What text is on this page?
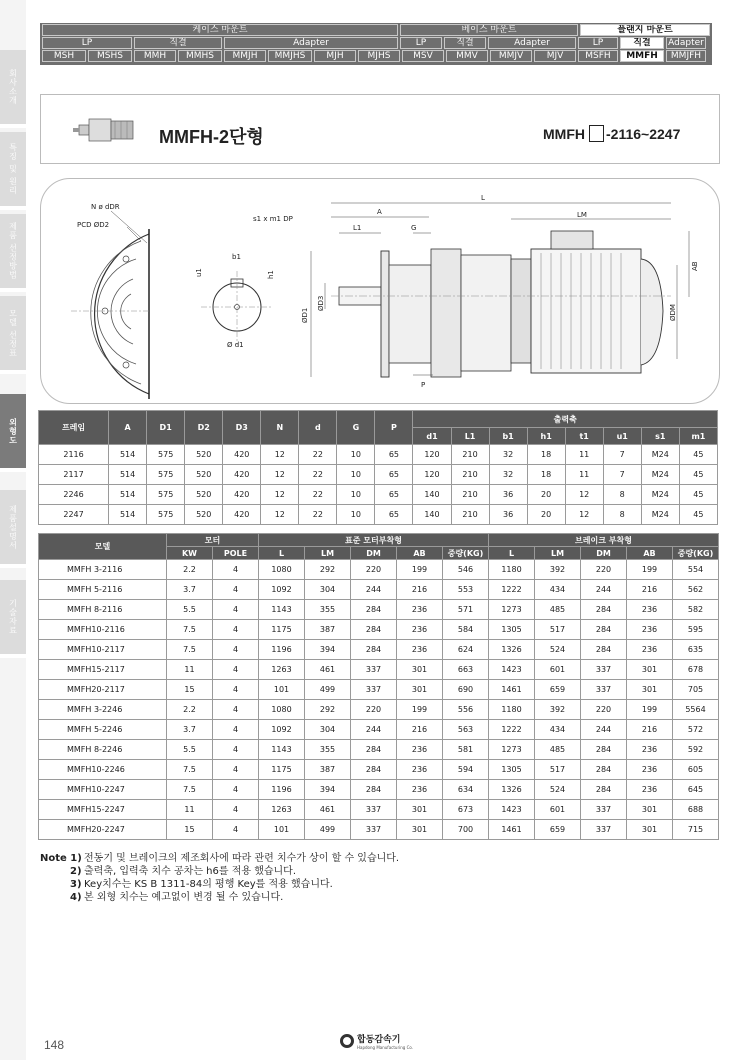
회사소개
특징 및 원리
제품 선정방법
모델 선정표
외형도
제품설명서
기술자료
케이스 마운트	베이스 마운트	플랜지 마운트
LP	직결	Adapter	LP	직결	Adapter	LP	직결	Adapter
MSH	MSHS	MMH	MMHS	MMJH	MMJHS	MJH	MJHS	MSV	MMV	MMJV	MJV	MSFH	MMFH	MMJFH
MMFH-2단형	MMFH -2116~2247
N ø dDR
PCD ØD2
b1
u1	h1
Ø d1
s1 x m1 DP
L
A
L1	G
LM
AB
ØDM
ØD1
ØD3
P
프레임	A	D1	D2	D3	N	d	G	P	출력축							
									d1	L1	b1	h1	t1	u1	s1	m1
2116	514	575	520	420	12	22	10	65	120	210	32	18	11	7	M24	45
2117	514	575	520	420	12	22	10	65	120	210	32	18	11	7	M24	45
2246	514	575	520	420	12	22	10	65	140	210	36	20	12	8	M24	45
2247	514	575	520	420	12	22	10	65	140	210	36	20	12	8	M24	45
모델	모터		표준 모터부착형					브레이크 부착형				
	KW	POLE	L	LM	DM	AB	중량(KG)	L	LM	DM	AB	중량(KG)
MMFH 3-2116	2.2	4	1080	292	220	199	546	1180	392	220	199	554
MMFH 5-2116	3.7	4	1092	304	244	216	553	1222	434	244	216	562
MMFH 8-2116	5.5	4	1143	355	284	236	571	1273	485	284	236	582
MMFH10-2116	7.5	4	1175	387	284	236	584	1305	517	284	236	595
MMFH10-2117	7.5	4	1196	394	284	236	624	1326	524	284	236	635
MMFH15-2117	11	4	1263	461	337	301	663	1423	601	337	301	678
MMFH20-2117	15	4	101	499	337	301	690	1461	659	337	301	705
MMFH 3-2246	2.2	4	1080	292	220	199	556	1180	392	220	199	5564
MMFH 5-2246	3.7	4	1092	304	244	216	563	1222	434	244	216	572
MMFH 8-2246	5.5	4	1143	355	284	236	581	1273	485	284	236	592
MMFH10-2246	7.5	4	1175	387	284	236	594	1305	517	284	236	605
MMFH10-2247	7.5	4	1196	394	284	236	634	1326	524	284	236	645
MMFH15-2247	11	4	1263	461	337	301	673	1423	601	337	301	688
MMFH20-2247	15	4	101	499	337	301	700	1461	659	337	301	715
Note 1) 전동기 및 브레이크의 제조회사에 따라 관련 치수가 상이 할 수 있습니다.
2) 출력축, 입력축 치수 공차는 h6를 적용 했습니다.
3) Key치수는 KS B 1311-84의 평행 Key를 적용 했습니다.
4) 본 외형 치수는 예고없이 변경 될 수 있습니다.
148	합동감속기
Hapdong Manufacturing Co.
